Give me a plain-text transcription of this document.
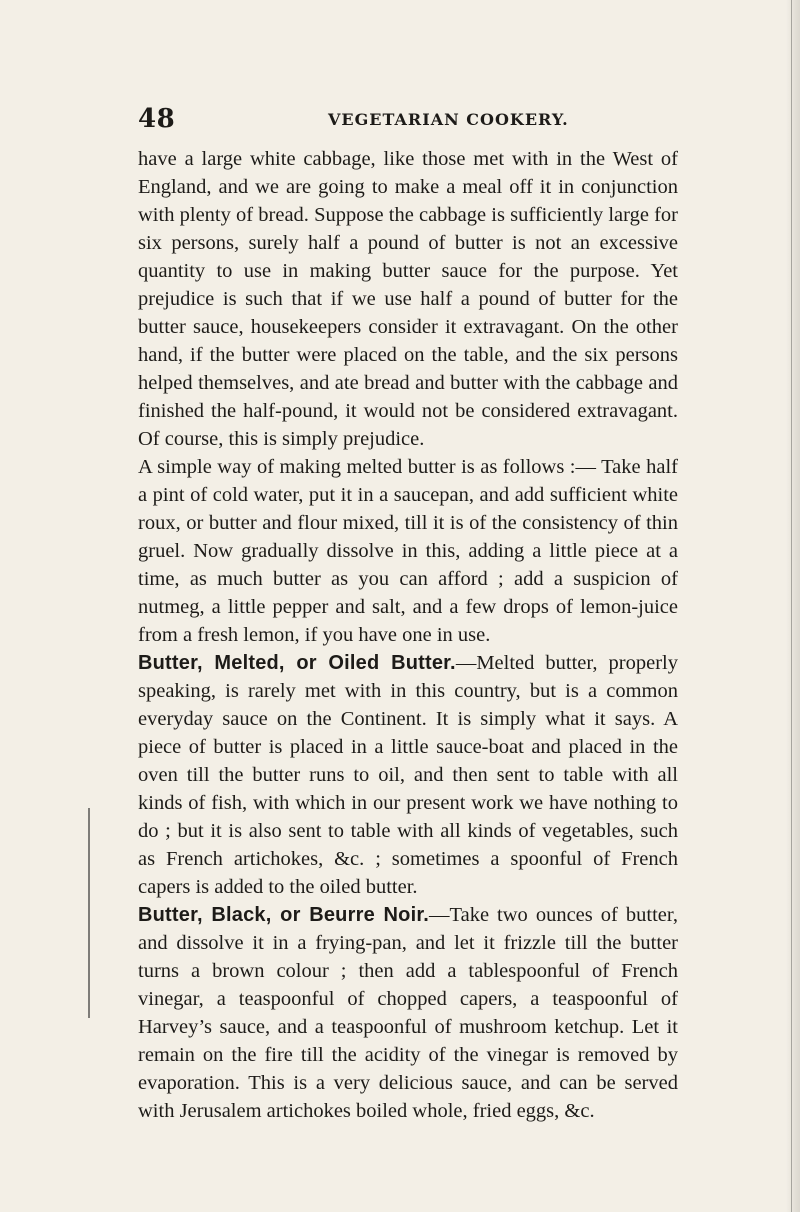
48	VEGETARIAN COOKERY.

have a large white cabbage, like those met with in the West of England, and we are going to make a meal off it in conjunction with plenty of bread. Suppose the cabbage is sufficiently large for six persons, surely half a pound of butter is not an excessive quantity to use in making butter sauce for the purpose. Yet prejudice is such that if we use half a pound of butter for the butter sauce, housekeepers consider it extravagant. On the other hand, if the butter were placed on the table, and the six persons helped themselves, and ate bread and butter with the cabbage and finished the half-pound, it would not be considered extravagant. Of course, this is simply prejudice.

A simple way of making melted butter is as follows :— Take half a pint of cold water, put it in a saucepan, and add sufficient white roux, or butter and flour mixed, till it is of the consistency of thin gruel. Now gradually dissolve in this, adding a little piece at a time, as much butter as you can afford ; add a suspicion of nutmeg, a little pepper and salt, and a few drops of lemon-juice from a fresh lemon, if you have one in use.

Butter, Melted, or Oiled Butter.—Melted butter, properly speaking, is rarely met with in this country, but is a common everyday sauce on the Continent. It is simply what it says. A piece of butter is placed in a little sauce-boat and placed in the oven till the butter runs to oil, and then sent to table with all kinds of fish, with which in our present work we have nothing to do ; but it is also sent to table with all kinds of vegetables, such as French artichokes, &c. ; sometimes a spoonful of French capers is added to the oiled butter.

Butter, Black, or Beurre Noir.—Take two ounces of butter, and dissolve it in a frying-pan, and let it frizzle till the butter turns a brown colour ; then add a tablespoonful of French vinegar, a teaspoonful of chopped capers, a teaspoonful of Harvey’s sauce, and a teaspoonful of mushroom ketchup. Let it remain on the fire till the acidity of the vinegar is removed by evaporation. This is a very delicious sauce, and can be served with Jerusalem artichokes boiled whole, fried eggs, &c.
